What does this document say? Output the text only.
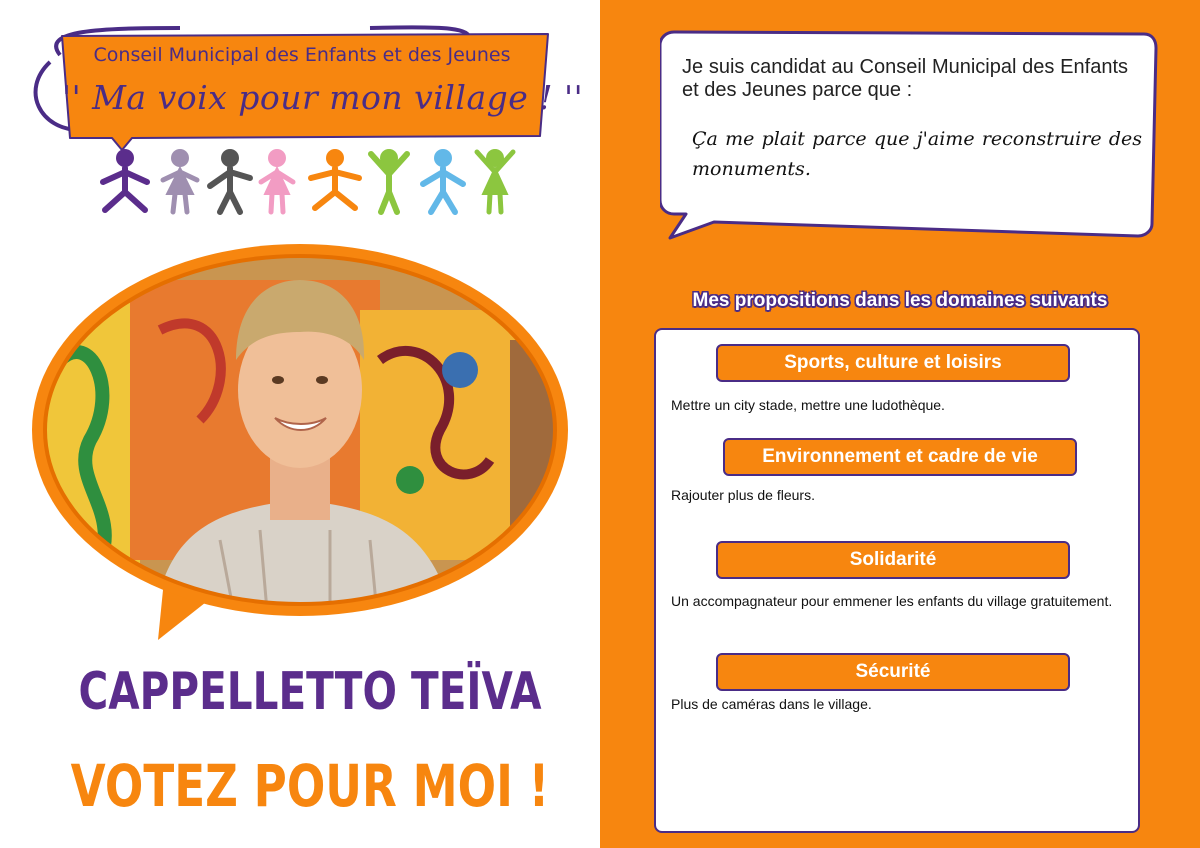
Conseil Municipal des Enfants et des Jeunes
'' Ma voix pour mon village ! ''
CAPPELLETTO TEÏVA
VOTEZ POUR MOI !
Je suis candidat au Conseil Municipal des Enfants et des Jeunes parce que :
Ça me plait parce que j'aime reconstruire des monuments.
Mes propositions dans les domaines suivants
Sports, culture et loisirs
Mettre un city stade, mettre une ludothèque.
Environnement et cadre de vie
Rajouter plus de fleurs.
Solidarité
Un accompagnateur pour emmener les enfants du village gratuitement.
Sécurité
Plus de caméras dans le village.
